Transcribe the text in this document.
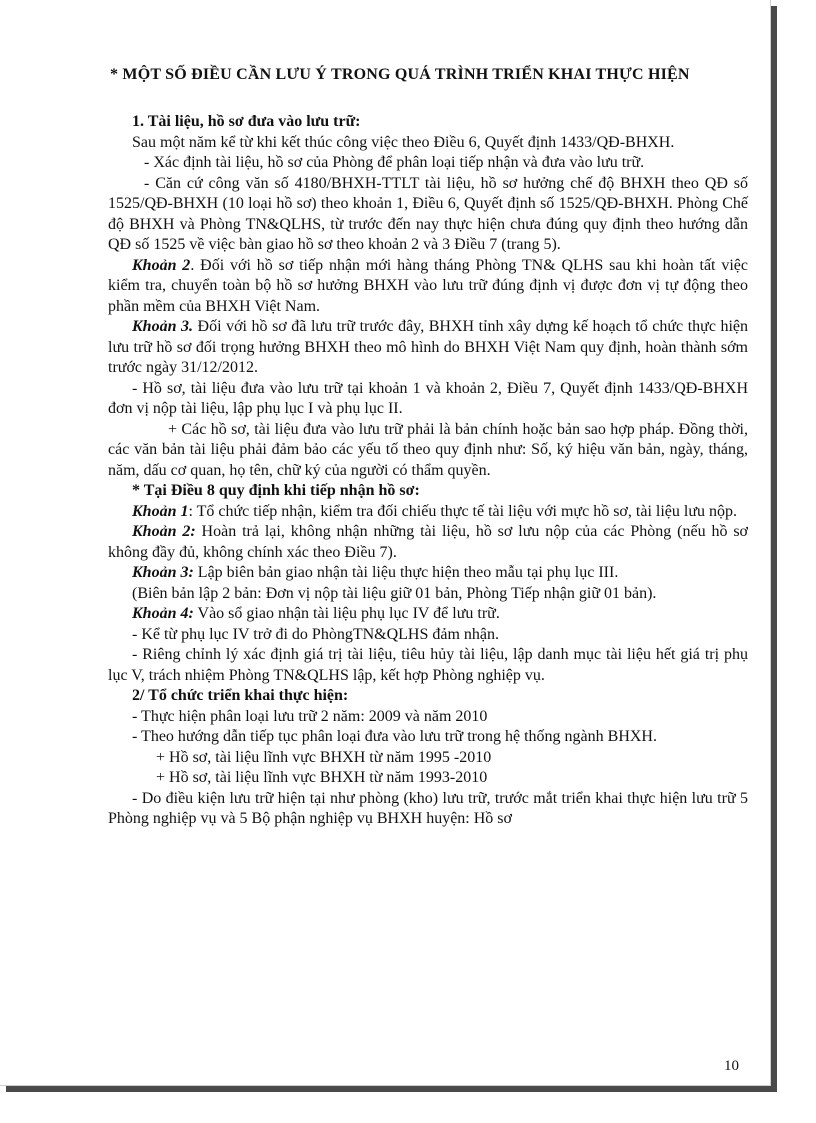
* MỘT SỐ ĐIỀU CẦN LƯU Ý TRONG QUÁ TRÌNH TRIỂN KHAI THỰC HIỆN

1. Tài liệu, hồ sơ đưa vào lưu trữ:

Sau một năm kể từ khi kết thúc công việc theo Điều 6, Quyết định 1433/QĐ-BHXH.

- Xác định tài liệu, hồ sơ của Phòng để phân loại tiếp nhận và đưa vào lưu trữ.

- Căn cứ công văn số 4180/BHXH-TTLT tài liệu, hồ sơ hưởng chế độ BHXH theo QĐ số 1525/QĐ-BHXH (10 loại hồ sơ) theo khoản 1, Điều 6, Quyết định số 1525/QĐ-BHXH. Phòng Chế độ BHXH và Phòng TN&QLHS, từ trước đến nay thực hiện chưa đúng quy định theo hướng dẫn QĐ số 1525 về việc bàn giao hồ sơ theo khoản 2 và 3 Điều 7 (trang 5).

Khoản 2. Đối với hồ sơ tiếp nhận mới hàng tháng Phòng TN& QLHS sau khi hoàn tất việc kiểm tra, chuyển toàn bộ hồ sơ hưởng BHXH vào lưu trữ đúng định vị được đơn vị tự động theo phần mềm của BHXH Việt Nam.

Khoản 3. Đối với hồ sơ đã lưu trữ trước đây, BHXH tỉnh xây dựng kế hoạch tổ chức thực hiện lưu trữ hồ sơ đối trọng hưởng BHXH theo mô hình do BHXH Việt Nam quy định, hoàn thành sớm trước ngày 31/12/2012.

- Hồ sơ, tài liệu đưa vào lưu trữ tại khoản 1 và khoản 2, Điều 7, Quyết định 1433/QĐ-BHXH đơn vị nộp tài liệu, lập phụ lục I và phụ lục II.

+ Các hồ sơ, tài liệu đưa vào lưu trữ phải là bản chính hoặc bản sao hợp pháp. Đồng thời, các văn bản tài liệu phải đảm bảo các yếu tố theo quy định như: Số, ký hiệu văn bản, ngày, tháng, năm, dấu cơ quan, họ tên, chữ ký của người có thẩm quyền.

* Tại Điều 8 quy định khi tiếp nhận hồ sơ:

Khoản 1: Tổ chức tiếp nhận, kiểm tra đối chiếu thực tế tài liệu với mực hồ sơ, tài liệu lưu nộp.

Khoản 2: Hoàn trả lại, không nhận những tài liệu, hồ sơ lưu nộp của các Phòng (nếu hồ sơ không đầy đủ, không chính xác theo Điều 7).

Khoản 3: Lập biên bản giao nhận tài liệu thực hiện theo mẫu tại phụ lục III.

(Biên bản lập 2 bản: Đơn vị nộp tài liệu giữ 01 bản, Phòng Tiếp nhận giữ 01 bản).

Khoản 4: Vào sổ giao nhận tài liệu phụ lục IV để lưu trữ.

- Kể từ phụ lục IV trở đi do PhòngTN&QLHS đảm nhận.

- Riêng chỉnh lý xác định giá trị tài liệu, tiêu hủy tài liệu, lập danh mục tài liệu hết giá trị phụ lục V, trách nhiệm Phòng TN&QLHS lập, kết hợp Phòng nghiệp vụ.

2/ Tổ chức triển khai thực hiện:

- Thực hiện phân loại lưu trữ 2 năm: 2009 và năm 2010

- Theo hướng dẫn tiếp tục phân loại đưa vào lưu trữ trong hệ thống ngành BHXH.

+ Hồ sơ, tài liệu lĩnh vực BHXH từ năm 1995 -2010

+ Hồ sơ, tài liệu lĩnh vực BHXH từ năm 1993-2010

- Do điều kiện lưu trữ hiện tại như phòng (kho) lưu trữ, trước mắt triển khai thực hiện lưu trữ 5 Phòng nghiệp vụ và 5 Bộ phận nghiệp vụ BHXH huyện: Hồ sơ

10
